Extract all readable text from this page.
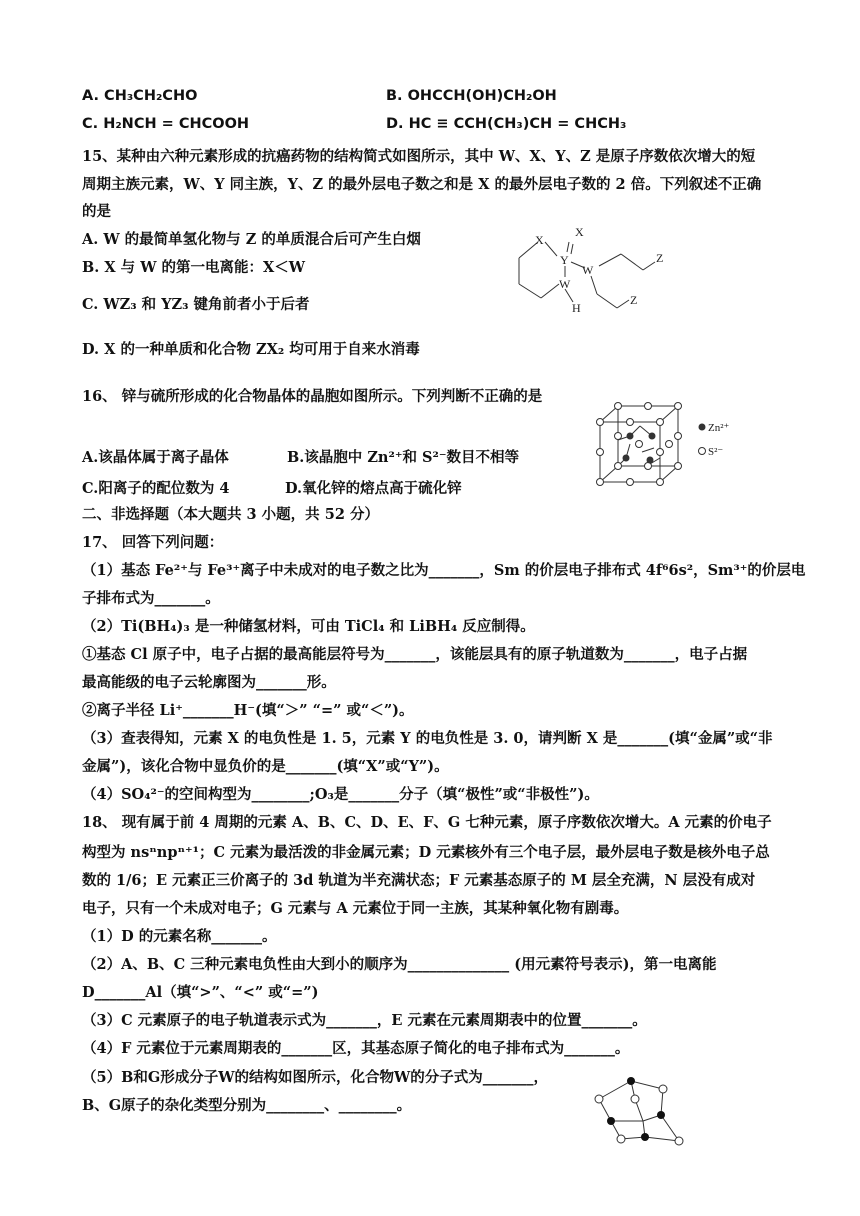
A. CH₃CH₂CHO	B. OHCCH(OH)CH₂OH
C. H₂NCH = CHCOOH	D. HC ≡ CCH(CH₃)CH = CHCH₃
15、某种由六种元素形成的抗癌药物的结构简式如图所示，其中 W、X、Y、Z 是原子序数依次增大的短
周期主族元素，W、Y 同主族，Y、Z 的最外层电子数之和是 X 的最外层电子数的 2 倍。下列叙述不正确
的是
A. W 的最简单氢化物与 Z 的单质混合后可产生白烟
B. X 与 W 的第一电离能：X＜W
C. WZ₃ 和 YZ₃ 键角前者小于后者
D. X 的一种单质和化合物 ZX₂ 均可用于自来水消毒
X
X
Y
W
Z
W
Z
H
16、 锌与硫所形成的化合物晶体的晶胞如图所示。下列判断不正确的是
A.该晶体属于离子晶体	B.该晶胞中 Zn²⁺和 S²⁻数目不相等
C.阳离子的配位数为 4	D.氧化锌的熔点高于硫化锌
Zn²⁺
S²⁻
二、非选择题（本大题共 3 小题，共 52 分）
17、 回答下列问题：
（1）基态 Fe²⁺与 Fe³⁺离子中未成对的电子数之比为_______，Sm 的价层电子排布式 4f⁶6s²，Sm³⁺的价层电
子排布式为_______。
（2）Ti(BH₄)₃ 是一种储氢材料，可由 TiCl₄ 和 LiBH₄ 反应制得。
①基态 Cl 原子中，电子占据的最高能层符号为_______，该能层具有的原子轨道数为_______，电子占据
最高能级的电子云轮廓图为_______形。
②离子半径 Li⁺_______H⁻(填“＞” “=” 或“＜”)。
（3）查表得知，元素 X 的电负性是 1. 5，元素 Y 的电负性是 3. 0，请判断 X 是_______(填“金属”或“非
金属”)，该化合物中显负价的是_______(填“X”或“Y”)。
（4）SO₄²⁻的空间构型为________;O₃是_______分子（填“极性”或“非极性”)。
18、 现有属于前 4 周期的元素 A、B、C、D、E、F、G 七种元素，原子序数依次增大。A 元素的价电子
构型为 nsⁿnpⁿ⁺¹；C 元素为最活泼的非金属元素；D 元素核外有三个电子层，最外层电子数是核外电子总
数的 1/6；E 元素正三价离子的 3d 轨道为半充满状态；F 元素基态原子的 M 层全充满，N 层没有成对
电子，只有一个未成对电子；G 元素与 A 元素位于同一主族，其某种氧化物有剧毒。
（1）D 的元素名称_______。
（2）A、B、C 三种元素电负性由大到小的顺序为______________ (用元素符号表示)，第一电离能
D_______Al（填“>”、“<” 或“=”)
（3）C 元素原子的电子轨道表示式为_______，E 元素在元素周期表中的位置_______。
（4）F 元素位于元素周期表的_______区，其基态原子简化的电子排布式为_______。
（5）B和G形成分子W的结构如图所示，化合物W的分子式为_______，
B、G原子的杂化类型分别为________、________。
